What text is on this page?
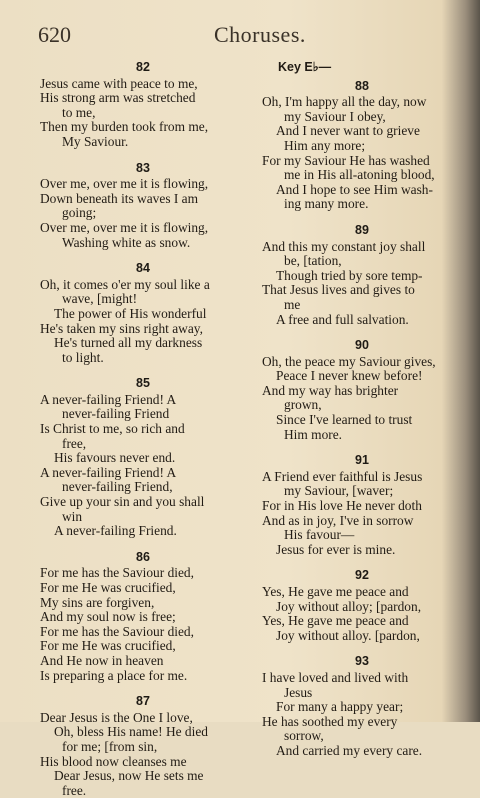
620	Choruses.
82
Jesus came with peace to me,
His strong arm was stretched
to me,
Then my burden took from me,
My Saviour.
83
Over me, over me it is flowing,
Down beneath its waves I am
going;
Over me, over me it is flowing,
Washing white as snow.
84
Oh, it comes o'er my soul like a
wave, [might!
The power of His wonderful
He's taken my sins right away,
He's turned all my darkness
to light.
85
A never-failing Friend! A
never-failing Friend
Is Christ to me, so rich and
free,
His favours never end.
A never-failing Friend! A
never-failing Friend,
Give up your sin and you shall
win
A never-failing Friend.
86
For me has the Saviour died,
For me He was crucified,
My sins are forgiven,
And my soul now is free;
For me has the Saviour died,
For me He was crucified,
And He now in heaven
Is preparing a place for me.
87
Dear Jesus is the One I love,
Oh, bless His name! He died
for me; [from sin,
His blood now cleanses me
Dear Jesus, now He sets me
free.
Key E♭—
88
Oh, I'm happy all the day, now
my Saviour I obey,
And I never want to grieve
Him any more;
For my Saviour He has washed
me in His all-atoning blood,
And I hope to see Him wash-
ing many more.
89
And this my constant joy shall
be, [tation,
Though tried by sore temp-
That Jesus lives and gives to
me
A free and full salvation.
90
Oh, the peace my Saviour gives,
Peace I never knew before!
And my way has brighter
grown,
Since I've learned to trust
Him more.
91
A Friend ever faithful is Jesus
my Saviour, [waver;
For in His love He never doth
And as in joy, I've in sorrow
His favour—
Jesus for ever is mine.
92
Yes, He gave me peace and
Joy without alloy; [pardon,
Yes, He gave me peace and
Joy without alloy. [pardon,
93
I have loved and lived with
Jesus
For many a happy year;
He has soothed my every
sorrow,
And carried my every care.
